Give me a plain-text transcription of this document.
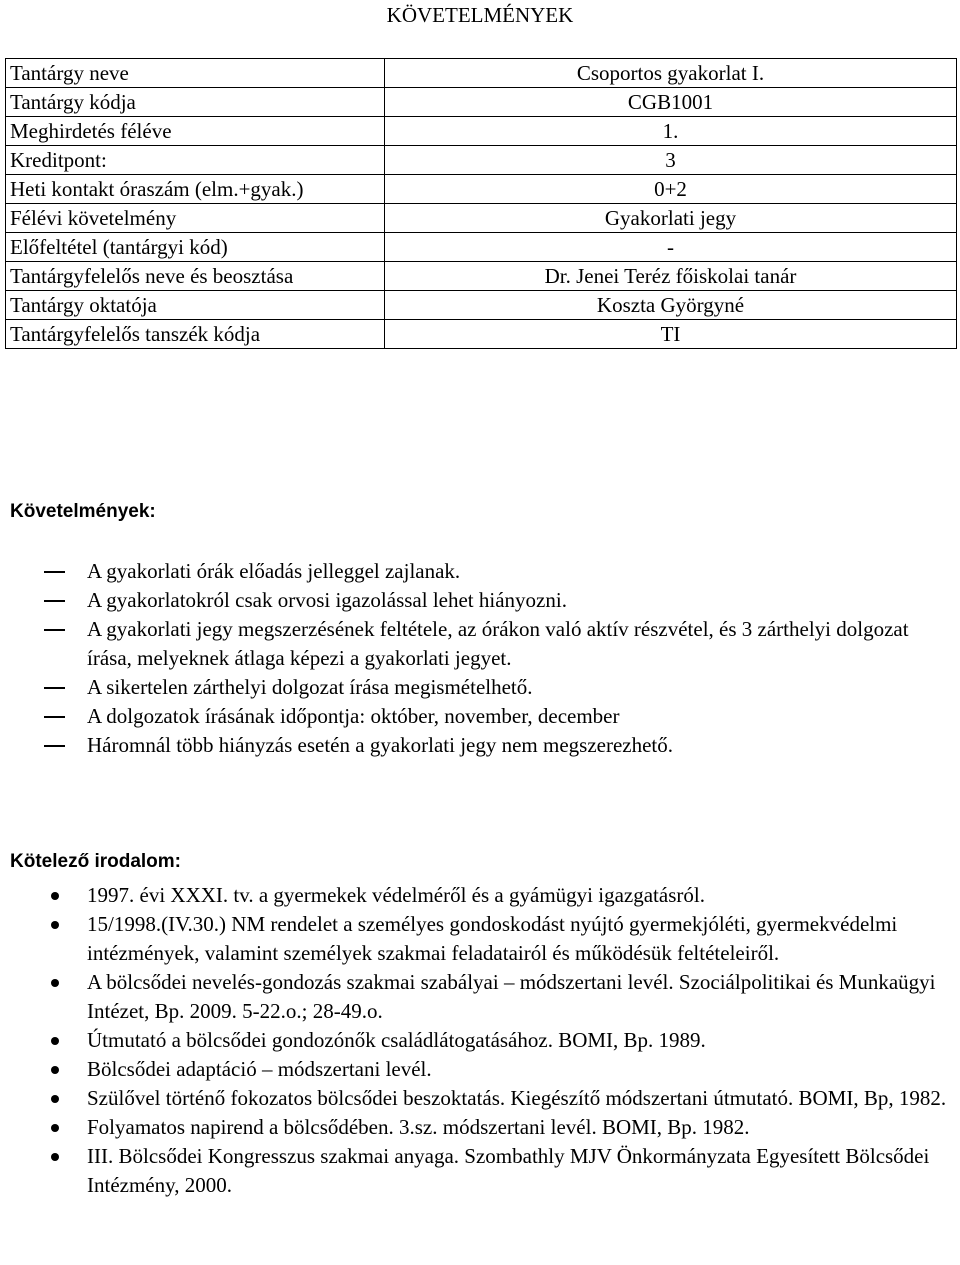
KÖVETELMÉNYEK
Tantárgy neve	Csoportos gyakorlat I.
Tantárgy kódja	CGB1001
Meghirdetés féléve	1.
Kreditpont:	3
Heti kontakt óraszám (elm.+gyak.)	0+2
Félévi követelmény	Gyakorlati jegy
Előfeltétel (tantárgyi kód)	-
Tantárgyfelelős neve és beosztása	Dr. Jenei Teréz főiskolai tanár
Tantárgy oktatója	Koszta Györgyné
Tantárgyfelelős tanszék kódja	TI
Követelmények:
A gyakorlati órák előadás jelleggel zajlanak.
A gyakorlatokról csak orvosi igazolással lehet hiányozni.
A gyakorlati jegy megszerzésének feltétele, az órákon való aktív részvétel, és 3 zárthelyi dolgozat írása, melyeknek átlaga képezi a gyakorlati jegyet.
A sikertelen zárthelyi dolgozat írása megismételhető.
A dolgozatok írásának időpontja: október, november, december
Háromnál több hiányzás esetén a gyakorlati jegy nem megszerezhető.
Kötelező irodalom:
1997. évi XXXI. tv. a gyermekek védelméről és a gyámügyi igazgatásról.
15/1998.(IV.30.) NM rendelet a személyes gondoskodást nyújtó gyermekjóléti, gyermekvédelmi intézmények, valamint személyek szakmai feladatairól és működésük feltételeiről.
A bölcsődei nevelés-gondozás szakmai szabályai – módszertani levél. Szociálpolitikai és Munkaügyi Intézet, Bp. 2009. 5-22.o.; 28-49.o.
Útmutató a bölcsődei gondozónők családlátogatásához. BOMI, Bp. 1989.
Bölcsődei adaptáció – módszertani levél.
Szülővel történő fokozatos bölcsődei beszoktatás. Kiegészítő módszertani útmutató. BOMI, Bp, 1982.
Folyamatos napirend a bölcsődében. 3.sz. módszertani levél. BOMI, Bp. 1982.
III. Bölcsődei Kongresszus szakmai anyaga. Szombathly MJV Önkormányzata Egyesített Bölcsődei Intézmény, 2000.
